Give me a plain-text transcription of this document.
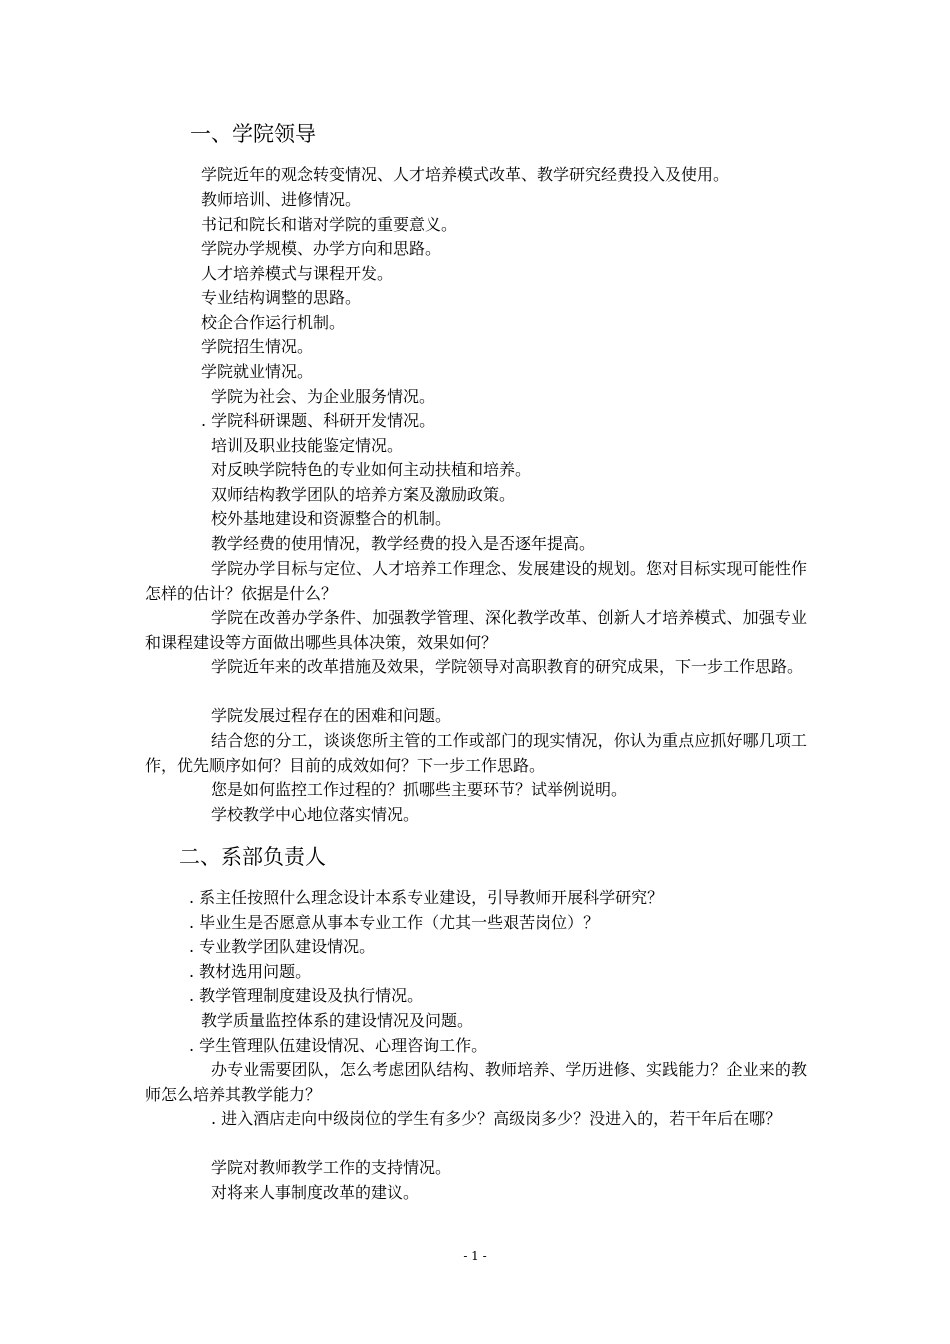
一、学院领导
学院近年的观念转变情况、人才培养模式改革、教学研究经费投入及使用。
教师培训、进修情况。
书记和院长和谐对学院的重要意义。
学院办学规模、办学方向和思路。
人才培养模式与课程开发。
专业结构调整的思路。
校企合作运行机制。
学院招生情况。
学院就业情况。
学院为社会、为企业服务情况。
. 学院科研课题、科研开发情况。
培训及职业技能鉴定情况。
对反映学院特色的专业如何主动扶植和培养。
双师结构教学团队的培养方案及激励政策。
校外基地建设和资源整合的机制。
教学经费的使用情况，教学经费的投入是否逐年提高。
学院办学目标与定位、人才培养工作理念、发展建设的规划。您对目标实现可能性作怎样的估计？依据是什么？
学院在改善办学条件、加强教学管理、深化教学改革、创新人才培养模式、加强专业和课程建设等方面做出哪些具体决策，效果如何？
学院近年来的改革措施及效果，学院领导对高职教育的研究成果，下一步工作思路。
学院发展过程存在的困难和问题。
结合您的分工，谈谈您所主管的工作或部门的现实情况，你认为重点应抓好哪几项工作，优先顺序如何？目前的成效如何？下一步工作思路。
您是如何监控工作过程的？抓哪些主要环节？试举例说明。
学校教学中心地位落实情况。
二、系部负责人
. 系主任按照什么理念设计本系专业建设，引导教师开展科学研究？
. 毕业生是否愿意从事本专业工作（尤其一些艰苦岗位）？
. 专业教学团队建设情况。
. 教材选用问题。
. 教学管理制度建设及执行情况。
教学质量监控体系的建设情况及问题。
. 学生管理队伍建设情况、心理咨询工作。
办专业需要团队，怎么考虑团队结构、教师培养、学历进修、实践能力？企业来的教师怎么培养其教学能力？
. 进入酒店走向中级岗位的学生有多少？高级岗多少？没进入的，若干年后在哪？
学院对教师教学工作的支持情况。
对将来人事制度改革的建议。
- 1 -
